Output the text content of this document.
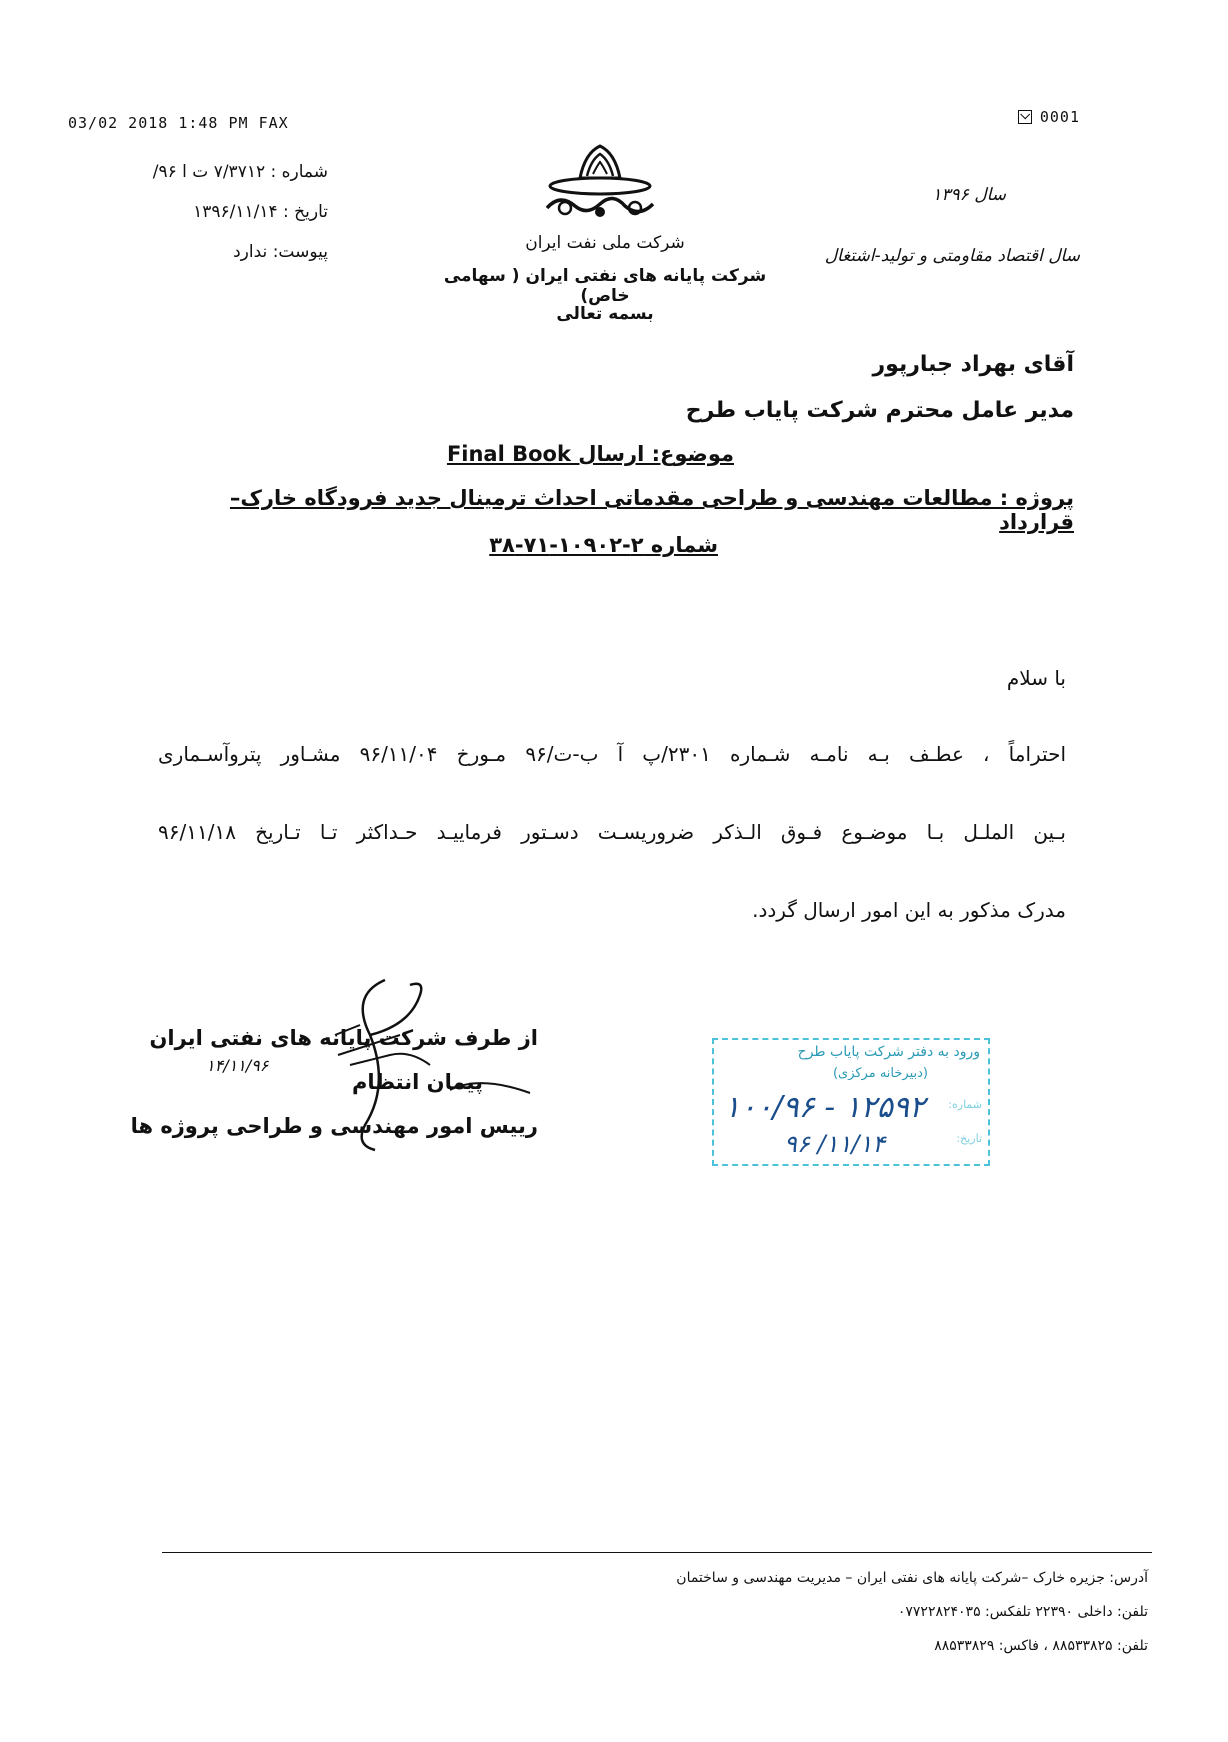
03/02 2018 1:48 PM FAX	0001
شماره : ۷/۳۷۱۲ ت ا ۹۶/
تاریخ : ۱۳۹۶/۱۱/۱۴
پیوست: ندارد	شرکت ملی نفت ایران
شرکت پایانه های نفتی ایران ( سهامی خاص)
بسمه تعالی
سال ۱۳۹۶
سال اقتصاد مقاومتی و تولید-اشتغال
آقای بهراد جبارپور
مدیر عامل محترم شرکت پایاب طرح
موضوع: ارسال Final Book
پروژه : مطالعات مهندسی و طراحی مقدماتی احداث ترمینال جدید فرودگاه خارک– قرارداد
شماره ۲-۱۰۹۰۲-۷۱-۳۸
با سلام
احتراماً ، عطـف بـه نامـه شـماره ۲۳۰۱/پ آ ب-ت/۹۶ مـورخ ۹۶/۱۱/۰۴ مشـاور پتروآسـماری
بـین الملـل بـا موضـوع فـوق الـذکر ضروریسـت دسـتور فرماییـد حـداکثر تـا تـاریخ ۹۶/۱۱/۱۸
مدرک مذکور به این امور ارسال گردد.
از طرف شرکت پایانه های نفتی ایران
پیمان انتظام
رییس امور مهندسی و طراحی پروژه ها
۱۴/۱۱/۹۶
ورود به دفتر شرکت پایاب طرح
(دبیرخانه مرکزی)
شماره:
تاریخ:
۱۰۰/۹۶ - ۱۲۵۹۲
۹۶ /۱۱/۱۴
آدرس: جزیره خارک –شرکت پایانه های نفتی ایران – مدیریت مهندسی و ساختمان
تلفن: داخلی ۲۲۳۹۰ تلفکس: ۰۷۷۲۲۸۲۴۰۳۵
تلفن: ۸۸۵۳۳۸۲۵ ، فاکس: ۸۸۵۳۳۸۲۹
